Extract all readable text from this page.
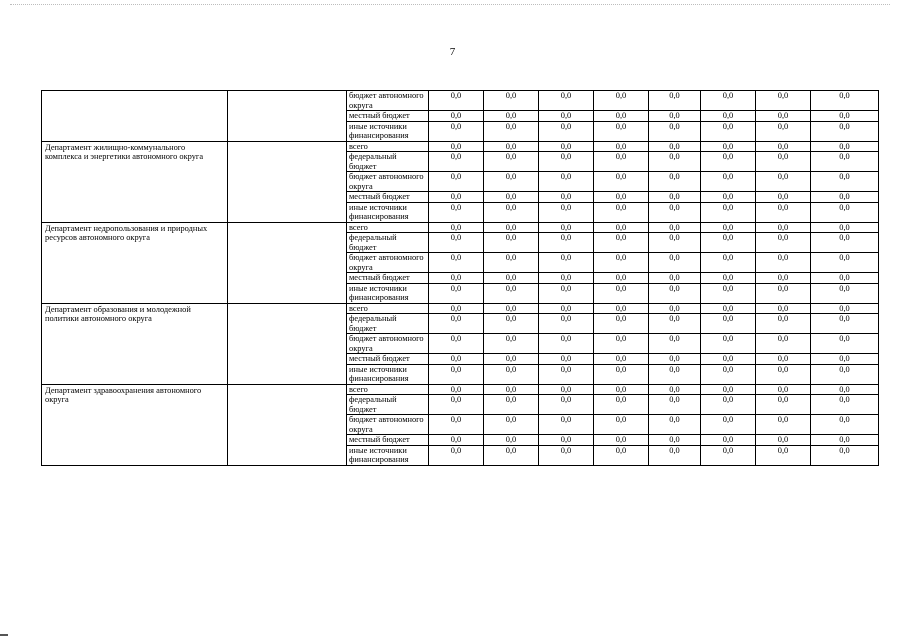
7
		бюджет автономного округа	0,0	0,0	0,0	0,0	0,0	0,0	0,0	0,0
		местный бюджет	0,0	0,0	0,0	0,0	0,0	0,0	0,0	0,0
		иные источники финансирования	0,0	0,0	0,0	0,0	0,0	0,0	0,0	0,0
Департамент жилищно-коммунального комплекса и энергетики автономного округа		всего	0,0	0,0	0,0	0,0	0,0	0,0	0,0	0,0
		федеральный бюджет	0,0	0,0	0,0	0,0	0,0	0,0	0,0	0,0
		бюджет автономного округа	0,0	0,0	0,0	0,0	0,0	0,0	0,0	0,0
		местный бюджет	0,0	0,0	0,0	0,0	0,0	0,0	0,0	0,0
		иные источники финансирования	0,0	0,0	0,0	0,0	0,0	0,0	0,0	0,0
Департамент недропользования и природных ресурсов автономного округа		всего	0,0	0,0	0,0	0,0	0,0	0,0	0,0	0,0
		федеральный бюджет	0,0	0,0	0,0	0,0	0,0	0,0	0,0	0,0
		бюджет автономного округа	0,0	0,0	0,0	0,0	0,0	0,0	0,0	0,0
		местный бюджет	0,0	0,0	0,0	0,0	0,0	0,0	0,0	0,0
		иные источники финансирования	0,0	0,0	0,0	0,0	0,0	0,0	0,0	0,0
Департамент образования и молодежной политики автономного округа		всего	0,0	0,0	0,0	0,0	0,0	0,0	0,0	0,0
		федеральный бюджет	0,0	0,0	0,0	0,0	0,0	0,0	0,0	0,0
		бюджет автономного округа	0,0	0,0	0,0	0,0	0,0	0,0	0,0	0,0
		местный бюджет	0,0	0,0	0,0	0,0	0,0	0,0	0,0	0,0
		иные источники финансирования	0,0	0,0	0,0	0,0	0,0	0,0	0,0	0,0
Департамент здравоохранения автономного округа		всего	0,0	0,0	0,0	0,0	0,0	0,0	0,0	0,0
		федеральный бюджет	0,0	0,0	0,0	0,0	0,0	0,0	0,0	0,0
		бюджет автономного округа	0,0	0,0	0,0	0,0	0,0	0,0	0,0	0,0
		местный бюджет	0,0	0,0	0,0	0,0	0,0	0,0	0,0	0,0
		иные источники финансирования	0,0	0,0	0,0	0,0	0,0	0,0	0,0	0,0
